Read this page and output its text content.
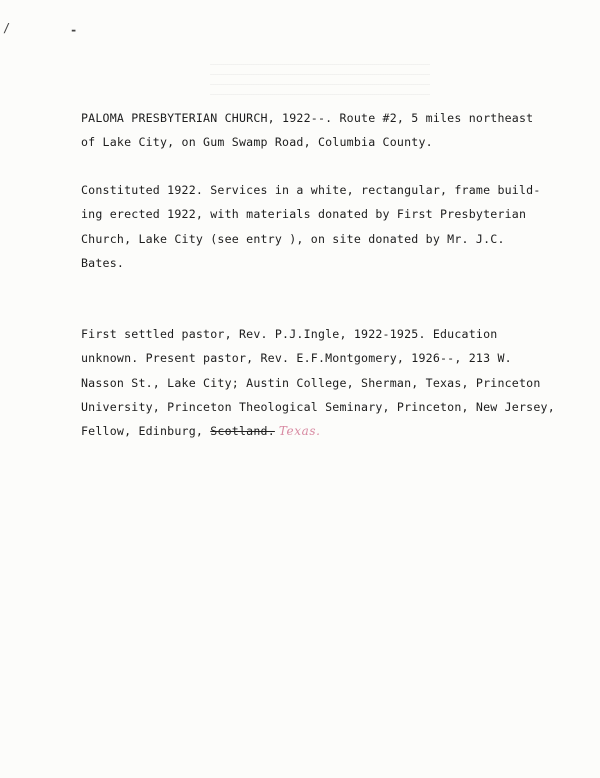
/	-
PALOMA PRESBYTERIAN CHURCH, 1922--. Route #2, 5 miles northeast
of Lake City, on Gum Swamp Road, Columbia County.
Constituted 1922. Services in a white, rectangular, frame build-
ing erected 1922, with materials donated by First Presbyterian
Church, Lake City (see entry ), on site donated by Mr. J.C.
Bates.
First settled pastor, Rev. P.J.Ingle, 1922-1925. Education
unknown. Present pastor, Rev. E.F.Montgomery, 1926--, 213 W.
Nasson St., Lake City; Austin College, Sherman, Texas, Princeton
University, Princeton Theological Seminary, Princeton, New Jersey,
Fellow, Edinburg, Scotland. Texas.
